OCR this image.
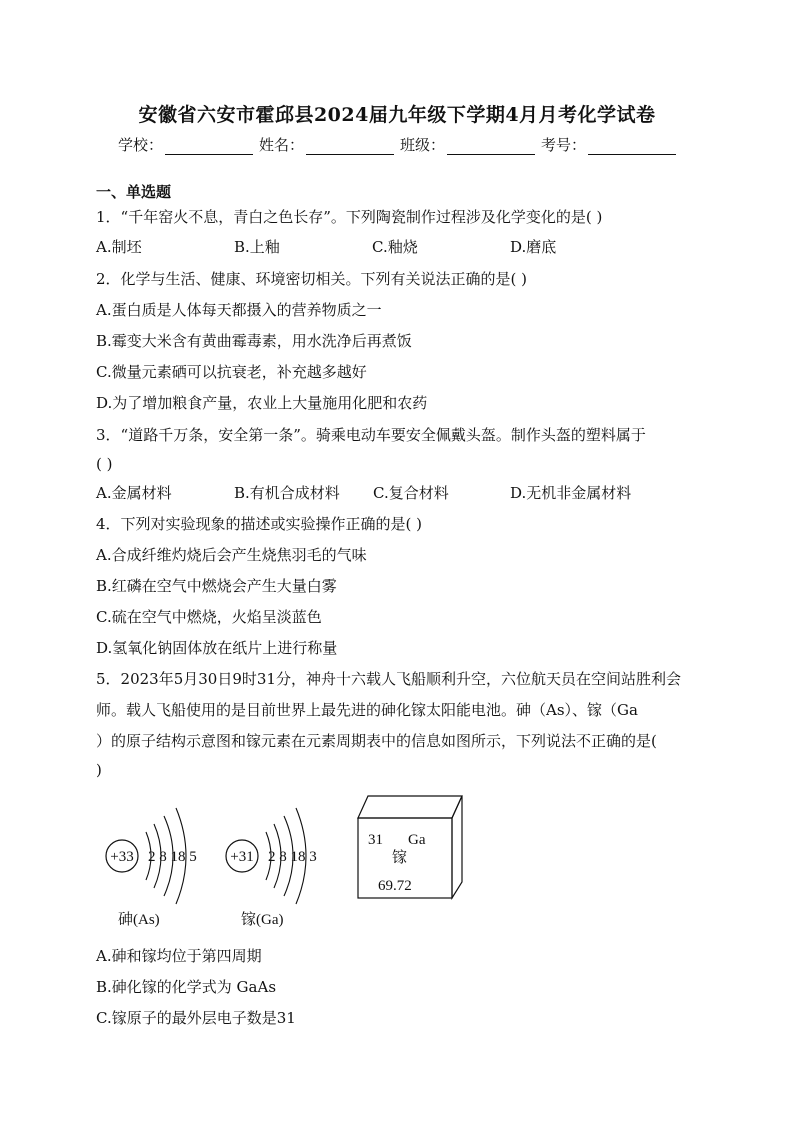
安徽省六安市霍邱县2024届九年级下学期4月月考化学试卷
学校：	姓名：	班级：	考号：
一、单选题
1．“千年窑火不息，青白之色长存”。下列陶瓷制作过程涉及化学变化的是( )
A.制坯	B.上釉	C.釉烧	D.磨底
2．化学与生活、健康、环境密切相关。下列有关说法正确的是( )
A.蛋白质是人体每天都摄入的营养物质之一
B.霉变大米含有黄曲霉毒素，用水洗净后再煮饭
C.微量元素硒可以抗衰老，补充越多越好
D.为了增加粮食产量，农业上大量施用化肥和农药
3．“道路千万条，安全第一条”。骑乘电动车要安全佩戴头盔。制作头盔的塑料属于
( )
A.金属材料	B.有机合成材料	C.复合材料	D.无机非金属材料
4．下列对实验现象的描述或实验操作正确的是( )
A.合成纤维灼烧后会产生烧焦羽毛的气味
B.红磷在空气中燃烧会产生大量白雾
C.硫在空气中燃烧，火焰呈淡蓝色
D.氢氧化钠固体放在纸片上进行称量
5．2023年5月30日9时31分，神舟十六载人飞船顺利升空，六位航天员在空间站胜利会
师。载人飞船使用的是目前世界上最先进的砷化镓太阳能电池。砷（As）、镓（Ga
）的原子结构示意图和镓元素在元素周期表中的信息如图所示，下列说法不正确的是(
)
+33 2 8 18 5
砷(As)
+31 2 8 18 3
镓(Ga)
31 Ga
镓
69.72
A.砷和镓均位于第四周期
B.砷化镓的化学式为 GaAs
C.镓原子的最外层电子数是31
